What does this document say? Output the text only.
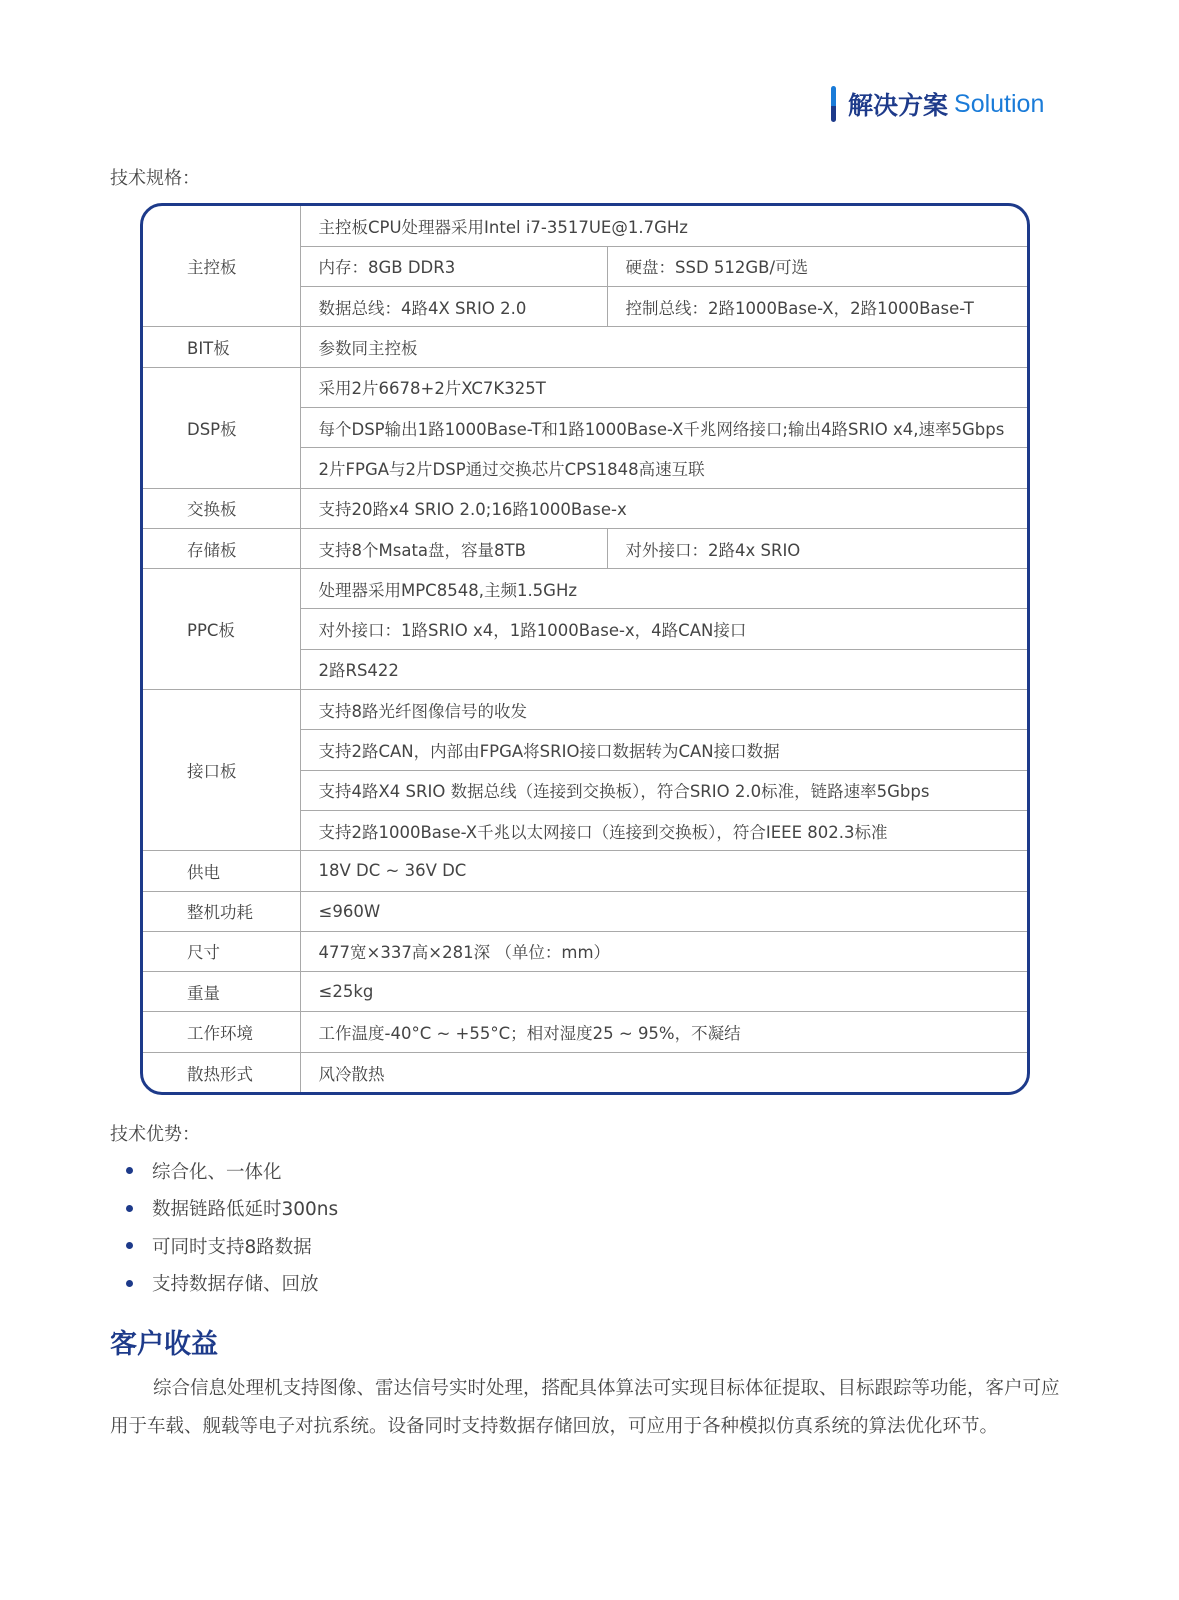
解决方案 Solution
技术规格：
主控板	主控板CPU处理器采用Intel i7-3517UE@1.7GHz	
	内存：8GB DDR3	硬盘：SSD 512GB/可选
	数据总线：4路4X SRIO 2.0	控制总线：2路1000Base-X，2路1000Base-T
BIT板	参数同主控板	
DSP板	采用2片6678+2片XC7K325T	
	每个DSP输出1路1000Base-T和1路1000Base-X千兆网络接口;输出4路SRIO x4,速率5Gbps	
	2片FPGA与2片DSP通过交换芯片CPS1848高速互联	
交换板	支持20路x4 SRIO 2.0;16路1000Base-x	
存储板	支持8个Msata盘，容量8TB	对外接口：2路4x SRIO
PPC板	处理器采用MPC8548,主频1.5GHz	
	对外接口：1路SRIO x4，1路1000Base-x，4路CAN接口	
	2路RS422	
接口板	支持8路光纤图像信号的收发	
	支持2路CAN，内部由FPGA将SRIO接口数据转为CAN接口数据	
	支持4路X4 SRIO 数据总线（连接到交换板），符合SRIO 2.0标准，链路速率5Gbps	
	支持2路1000Base-X千兆以太网接口（连接到交换板），符合IEEE 802.3标准	
供电	18V DC ~ 36V DC	
整机功耗	≤960W	
尺寸	477宽×337高×281深 （单位：mm）	
重量	≤25kg	
工作环境	工作温度-40°C ~ +55°C；相对湿度25 ~ 95%，不凝结	
散热形式	风冷散热	
技术优势：
综合化、一体化
数据链路低延时300ns
可同时支持8路数据
支持数据存储、回放
客户收益

综合信息处理机支持图像、雷达信号实时处理，搭配具体算法可实现目标体征提取、目标跟踪等功能，客户可应用于车载、舰载等电子对抗系统。设备同时支持数据存储回放，可应用于各种模拟仿真系统的算法优化环节。
